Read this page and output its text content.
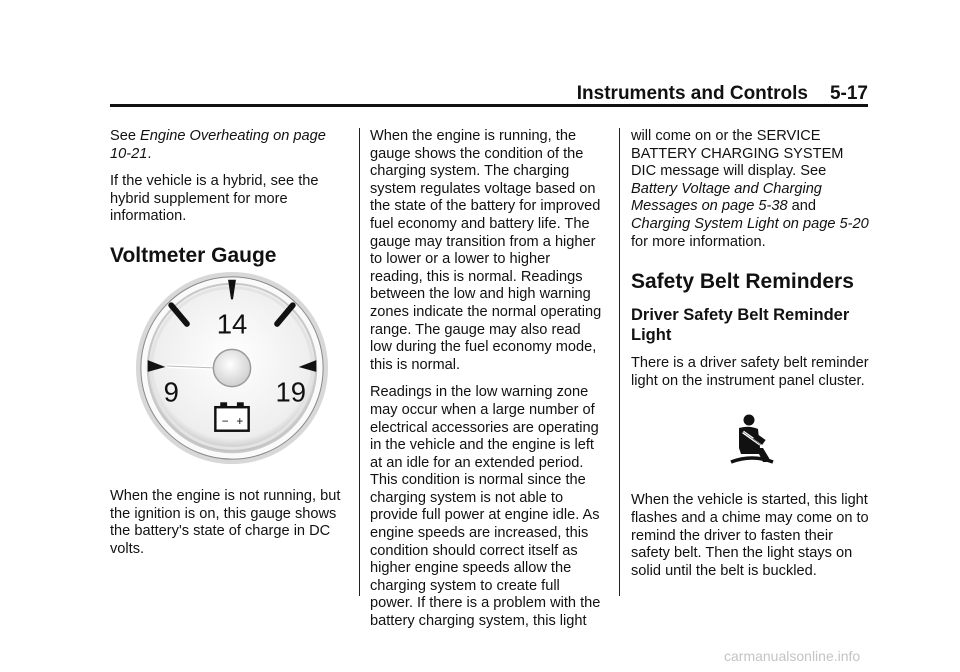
Instruments and Controls 5-17

See Engine Overheating on page 10-21.

If the vehicle is a hybrid, see the hybrid supplement for more information.

Voltmeter Gauge

When the engine is not running, but the ignition is on, this gauge shows the battery's state of charge in DC volts.

14
9	19
− +

When the engine is running, the gauge shows the condition of the charging system. The charging system regulates voltage based on the state of the battery for improved fuel economy and battery life. The gauge may transition from a higher to lower or a lower to higher reading, this is normal. Readings between the low and high warning zones indicate the normal operating range. The gauge may also read low during the fuel economy mode, this is normal.

Readings in the low warning zone may occur when a large number of electrical accessories are operating in the vehicle and the engine is left at an idle for an extended period. This condition is normal since the charging system is not able to provide full power at engine idle. As engine speeds are increased, this condition should correct itself as higher engine speeds allow the charging system to create full power. If there is a problem with the battery charging system, this light

will come on or the SERVICE BATTERY CHARGING SYSTEM DIC message will display. See Battery Voltage and Charging Messages on page 5-38 and Charging System Light on page 5-20 for more information.

Safety Belt Reminders
Driver Safety Belt Reminder Light

There is a driver safety belt reminder light on the instrument panel cluster.

When the vehicle is started, this light flashes and a chime may come on to remind the driver to fasten their safety belt. Then the light stays on solid until the belt is buckled.

carmanualsonline.info
